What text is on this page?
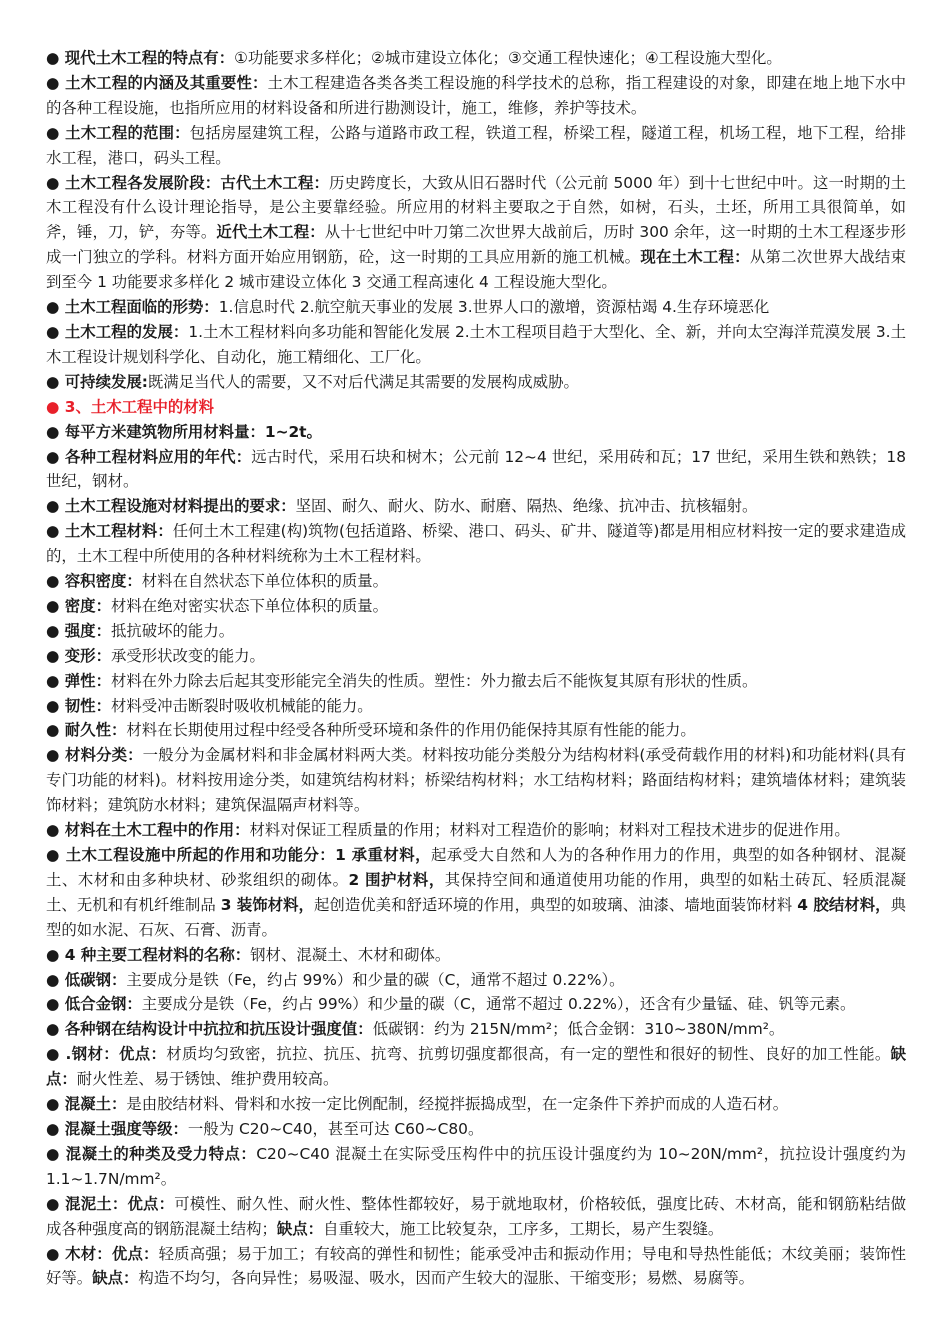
● 现代土木工程的特点有：①功能要求多样化；②城市建设立体化；③交通工程快速化；④工程设施大型化。

● 土木工程的内涵及其重要性：土木工程建造各类各类工程设施的科学技术的总称，指工程建设的对象，即建在地上地下水中的各种工程设施，也指所应用的材料设备和所进行勘测设计，施工，维修，养护等技术。

● 土木工程的范围：包括房屋建筑工程，公路与道路市政工程，铁道工程，桥梁工程，隧道工程，机场工程，地下工程，给排水工程，港口，码头工程。

● 土木工程各发展阶段：古代土木工程：历史跨度长，大致从旧石器时代（公元前 5000 年）到十七世纪中叶。这一时期的土木工程没有什么设计理论指导，是公主要靠经验。所应用的材料主要取之于自然，如树，石头，土坯，所用工具很简单，如斧，锤，刀，铲，夯等。近代土木工程：从十七世纪中叶刀第二次世界大战前后，历时 300 余年，这一时期的土木工程逐步形成一门独立的学科。材料方面开始应用钢筋，砼，这一时期的工具应用新的施工机械。现在土木工程：从第二次世界大战结束到至今 1 功能要求多样化 2 城市建设立体化 3 交通工程高速化 4 工程设施大型化。

● 土木工程面临的形势：1.信息时代 2.航空航天事业的发展 3.世界人口的激增，资源枯竭 4.生存环境恶化

● 土木工程的发展：1.土木工程材料向多功能和智能化发展 2.土木工程项目趋于大型化、全、新，并向太空海洋荒漠发展 3.土木工程设计规划科学化、自动化，施工精细化、工厂化。

● 可持续发展:既满足当代人的需要，又不对后代满足其需要的发展构成威胁。

● 3、土木工程中的材料

● 每平方米建筑物所用材料量：1~2t。

● 各种工程材料应用的年代：远古时代，采用石块和树木；公元前 12~4 世纪，采用砖和瓦；17 世纪，采用生铁和熟铁；18 世纪，钢材。

● 土木工程设施对材料提出的要求：坚固、耐久、耐火、防水、耐磨、隔热、绝缘、抗冲击、抗核辐射。

● 土木工程材料：任何土木工程建(构)筑物(包括道路、桥梁、港口、码头、矿井、隧道等)都是用相应材料按一定的要求建造成的，土木工程中所使用的各种材料统称为土木工程材料。

● 容积密度：材料在自然状态下单位体积的质量。

● 密度：材料在绝对密实状态下单位体积的质量。

● 强度：抵抗破坏的能力。

● 变形：承受形状改变的能力。

● 弹性：材料在外力除去后起其变形能完全消失的性质。塑性：外力撤去后不能恢复其原有形状的性质。

● 韧性：材料受冲击断裂时吸收机械能的能力。

● 耐久性：材料在长期使用过程中经受各种所受环境和条件的作用仍能保持其原有性能的能力。

● 材料分类：一般分为金属材料和非金属材料两大类。材料按功能分类般分为结构材料(承受荷载作用的材料)和功能材料(具有专门功能的材料)。材料按用途分类，如建筑结构材料；桥梁结构材料；水工结构材料；路面结构材料；建筑墙体材料；建筑装饰材料；建筑防水材料；建筑保温隔声材料等。

● 材料在土木工程中的作用：材料对保证工程质量的作用；材料对工程造价的影响；材料对工程技术进步的促进作用。

● 土木工程设施中所起的作用和功能分：1 承重材料，起承受大自然和人为的各种作用力的作用，典型的如各种钢材、混凝土、木材和由多种块材、砂浆组织的砌体。2 围护材料，其保持空间和通道使用功能的作用，典型的如粘土砖瓦、轻质混凝土、无机和有机纤维制品 3 装饰材料，起创造优美和舒适环境的作用，典型的如玻璃、油漆、墙地面装饰材料 4 胶结材料，典型的如水泥、石灰、石膏、沥青。

● 4 种主要工程材料的名称：钢材、混凝土、木材和砌体。

● 低碳钢：主要成分是铁（Fe，约占 99%）和少量的碳（C，通常不超过 0.22%）。

● 低合金钢：主要成分是铁（Fe，约占 99%）和少量的碳（C，通常不超过 0.22%），还含有少量锰、硅、钒等元素。

● 各种钢在结构设计中抗拉和抗压设计强度值：低碳钢：约为 215N/mm²；低合金钢：310~380N/mm²。

● .钢材：优点：材质均匀致密，抗拉、抗压、抗弯、抗剪切强度都很高，有一定的塑性和很好的韧性、良好的加工性能。缺点：耐火性差、易于锈蚀、维护费用较高。

● 混凝土：是由胶结材料、骨料和水按一定比例配制，经搅拌振捣成型，在一定条件下养护而成的人造石材。

● 混凝土强度等级：一般为 C20~C40，甚至可达 C60~C80。

● 混凝土的种类及受力特点：C20~C40 混凝土在实际受压构件中的抗压设计强度约为 10~20N/mm²，抗拉设计强度约为 1.1~1.7N/mm²。

● 混泥土：优点：可模性、耐久性、耐火性、整体性都较好，易于就地取材，价格较低，强度比砖、木材高，能和钢筋粘结做成各种强度高的钢筋混凝土结构；缺点：自重较大，施工比较复杂，工序多，工期长，易产生裂缝。

● 木材：优点：轻质高强；易于加工；有较高的弹性和韧性；能承受冲击和振动作用；导电和导热性能低；木纹美丽；装饰性好等。缺点：构造不均匀，各向异性；易吸湿、吸水，因而产生较大的湿胀、干缩变形；易燃、易腐等。
